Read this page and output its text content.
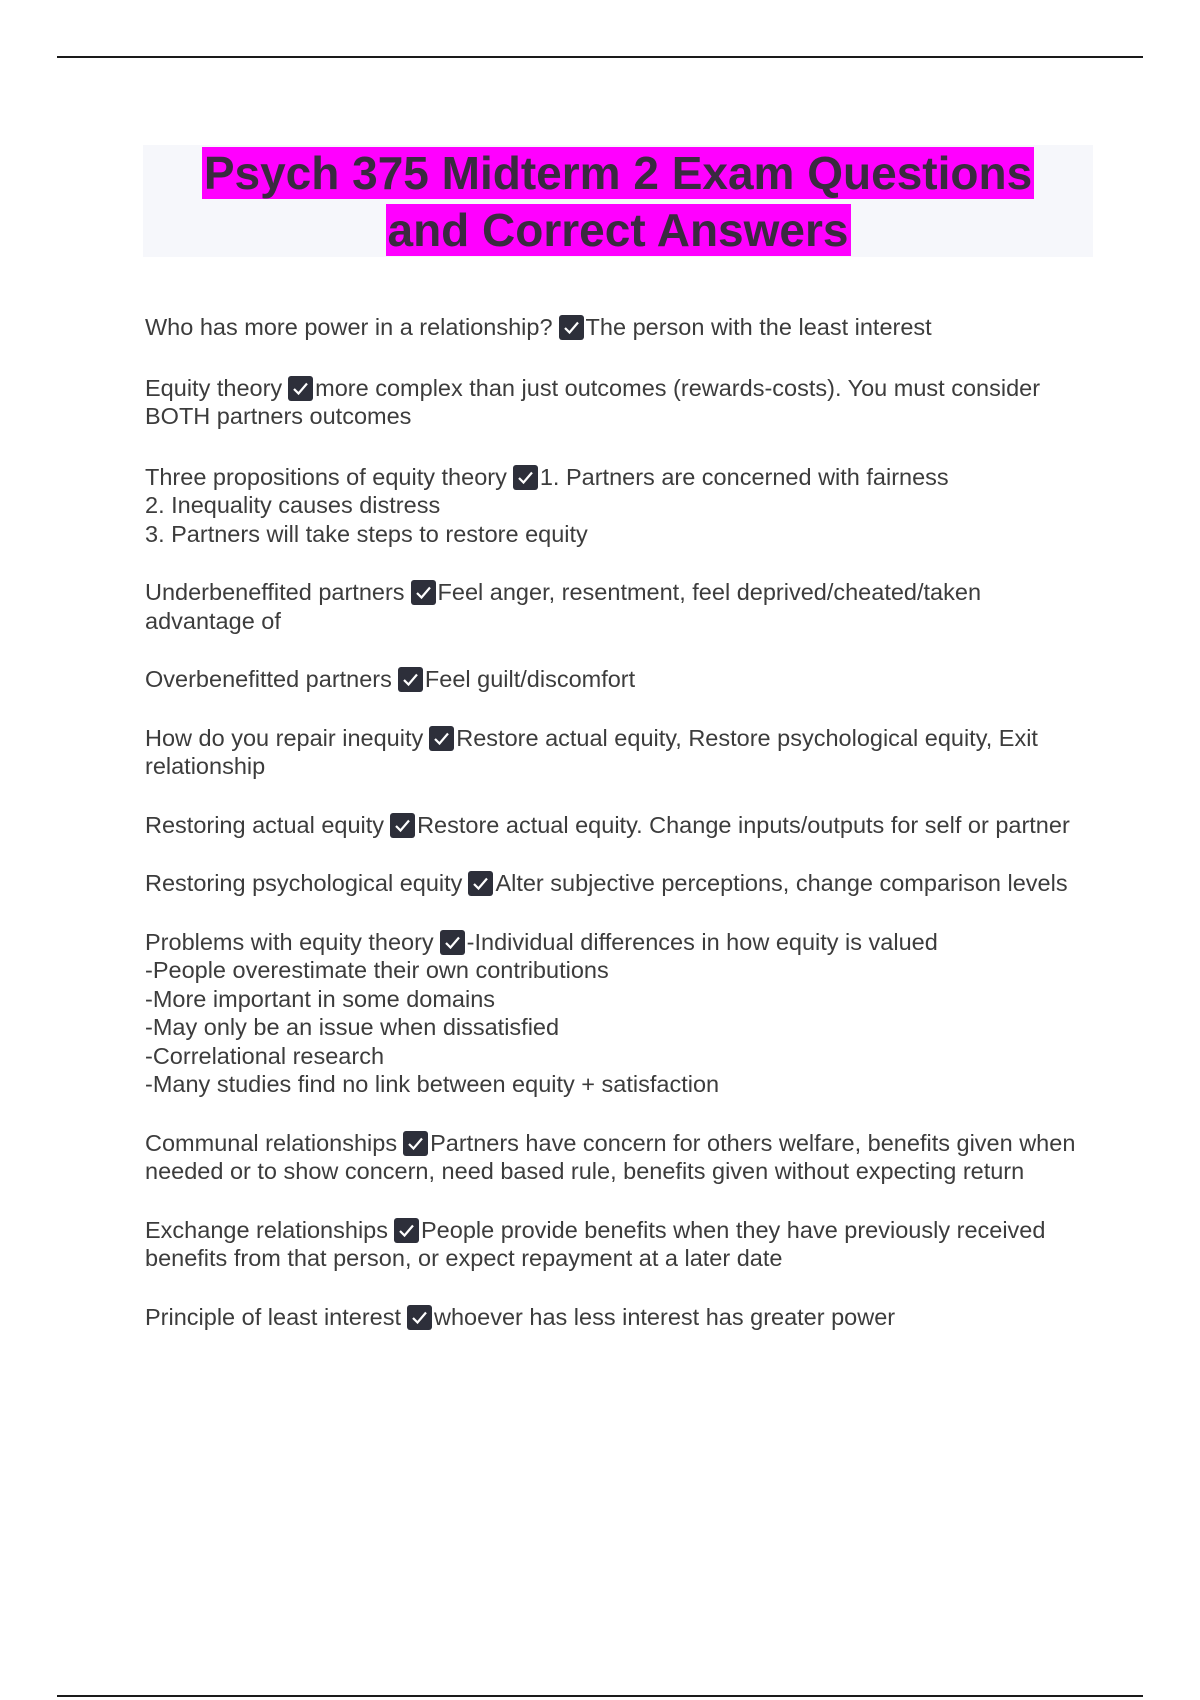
Psych 375 Midterm 2 Exam Questions
and Correct Answers

Who has more power in a relationship? The person with the least interest

Equity theory more complex than just outcomes (rewards-costs). You must consider BOTH partners outcomes

Three propositions of equity theory 1. Partners are concerned with fairness
2. Inequality causes distress
3. Partners will take steps to restore equity

Underbeneffited partners Feel anger, resentment, feel deprived/cheated/taken advantage of

Overbenefitted partners Feel guilt/discomfort

How do you repair inequity Restore actual equity, Restore psychological equity, Exit relationship

Restoring actual equity Restore actual equity. Change inputs/outputs for self or partner

Restoring psychological equity Alter subjective perceptions, change comparison levels

Problems with equity theory -Individual differences in how equity is valued
-People overestimate their own contributions
-More important in some domains
-May only be an issue when dissatisfied
-Correlational research
-Many studies find no link between equity + satisfaction

Communal relationships Partners have concern for others welfare, benefits given when needed or to show concern, need based rule, benefits given without expecting return

Exchange relationships People provide benefits when they have previously received benefits from that person, or expect repayment at a later date

Principle of least interest whoever has less interest has greater power
